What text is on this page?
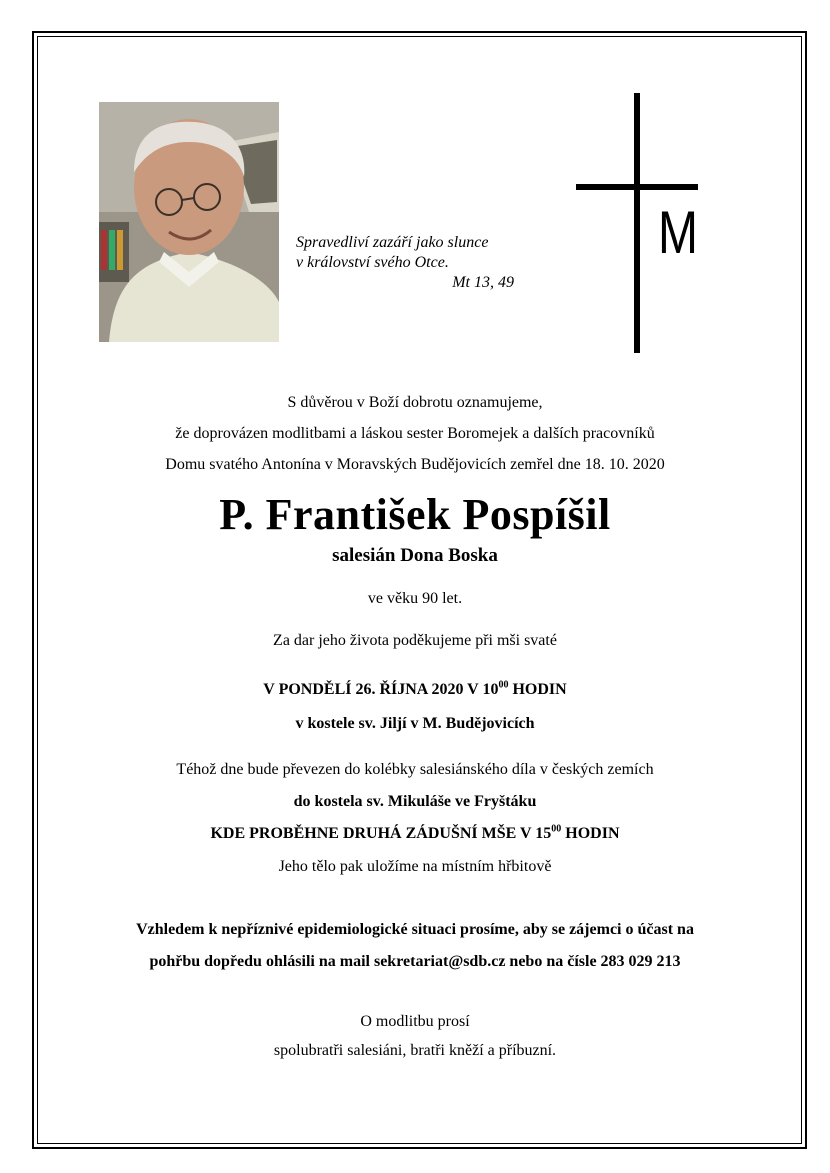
Spravedliví zazáří jako slunce
v království svého Otce.

Mt 13, 49
M
S důvěrou v Boží dobrotu oznamujeme,
že doprovázen modlitbami a láskou sester Boromejek a dalších pracovníků
Domu svatého Antonína v Moravských Budějovicích zemřel dne 18. 10. 2020
P. František Pospíšil
salesián Dona Boska
ve věku 90 let.
Za dar jeho života poděkujeme při mši svaté
V PONDĚLÍ 26. ŘÍJNA 2020 V $10^{00}$ HODIN
v kostele sv. Jiljí v M. Budějovicích
Téhož dne bude převezen do kolébky salesiánského díla v českých zemích
do kostela sv. Mikuláše ve Fryštáku
KDE PROBĚHNE DRUHÁ ZÁDUŠNÍ MŠE V $15^{00}$ HODIN
Jeho tělo pak uložíme na místním hřbitově
Vzhledem k nepříznivé epidemiologické situaci prosíme, aby se zájemci o účast na
pohřbu dopředu ohlásili na mail sekretariat@sdb.cz nebo na čísle 283 029 213
O modlitbu prosí
spolubratři salesiáni, bratři kněží a příbuzní.
